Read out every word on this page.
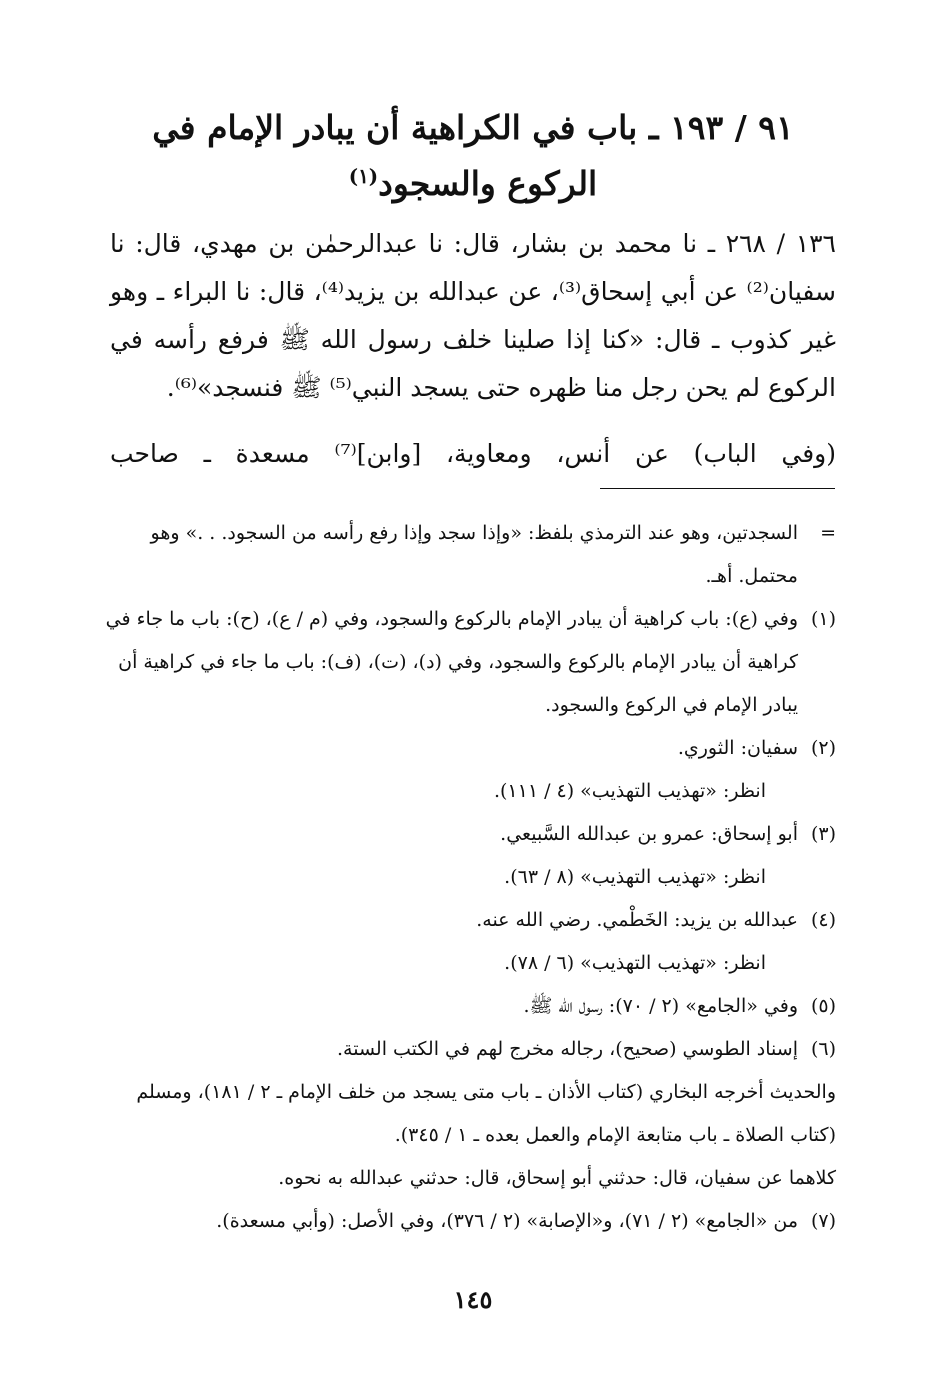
٩١ / ١٩٣ ـ باب في الكراهية أن يبادر الإمام في
الركوع والسجود$^{(١)}$

١٣٦ / ٢٦٨ ـ نا محمد بن بشار، قال: نا عبدالرحمٰن بن مهدي، قال: نا سفيان⁽²⁾ عن أبي إسحاق⁽³⁾، عن عبدالله بن يزيد⁽⁴⁾، قال: نا البراء ـ وهو غير كذوب ـ قال: «كنا إذا صلينا خلف رسول الله ﷺ فرفع رأسه في الركوع لم يحن رجل منا ظهره حتى يسجد النبي⁽⁵⁾ ﷺ فنسجد»⁽⁶⁾.

(وفي الباب) عن أنس، ومعاوية، [وابن]⁽⁷⁾ مسعدة ـ صاحب

=
السجدتين، وهو عند الترمذي بلفظ: «وإذا سجد وإذا رفع رأسه من السجود. . .» وهو محتمل. أهـ.

(١)
وفي (ع): باب كراهية أن يبادر الإمام بالركوع والسجود، وفي (م / ع)، (ح): باب ما جاء في كراهية أن يبادر الإمام بالركوع والسجود، وفي (د)، (ت)، (ف): باب ما جاء في كراهية أن يبادر الإمام في الركوع والسجود.

(٢)
سفيان: الثوري.

انظر: «تهذيب التهذيب» (٤ / ١١١).

(٣)
أبو إسحاق: عمرو بن عبدالله السَّبيعي.

انظر: «تهذيب التهذيب» (٨ / ٦٣).

(٤)
عبدالله بن يزيد: الخَطْمي. رضي الله عنه.

انظر: «تهذيب التهذيب» (٦ / ٧٨).

(٥)
وفي «الجامع» (٢ / ٧٠): رسول الله ﷺ.

(٦)
إسناد الطوسي (صحيح)، رجاله مخرج لهم في الكتب الستة.

والحديث أخرجه البخاري (كتاب الأذان ـ باب متى يسجد من خلف الإمام ـ ٢ / ١٨١)، ومسلم (كتاب الصلاة ـ باب متابعة الإمام والعمل بعده ـ ١ / ٣٤٥).

كلاهما عن سفيان، قال: حدثني أبو إسحاق، قال: حدثني عبدالله به نحوه.

(٧)
من «الجامع» (٢ / ٧١)، و«الإصابة» (٢ / ٣٧٦)، وفي الأصل: (وأبي مسعدة).

١٤٥
